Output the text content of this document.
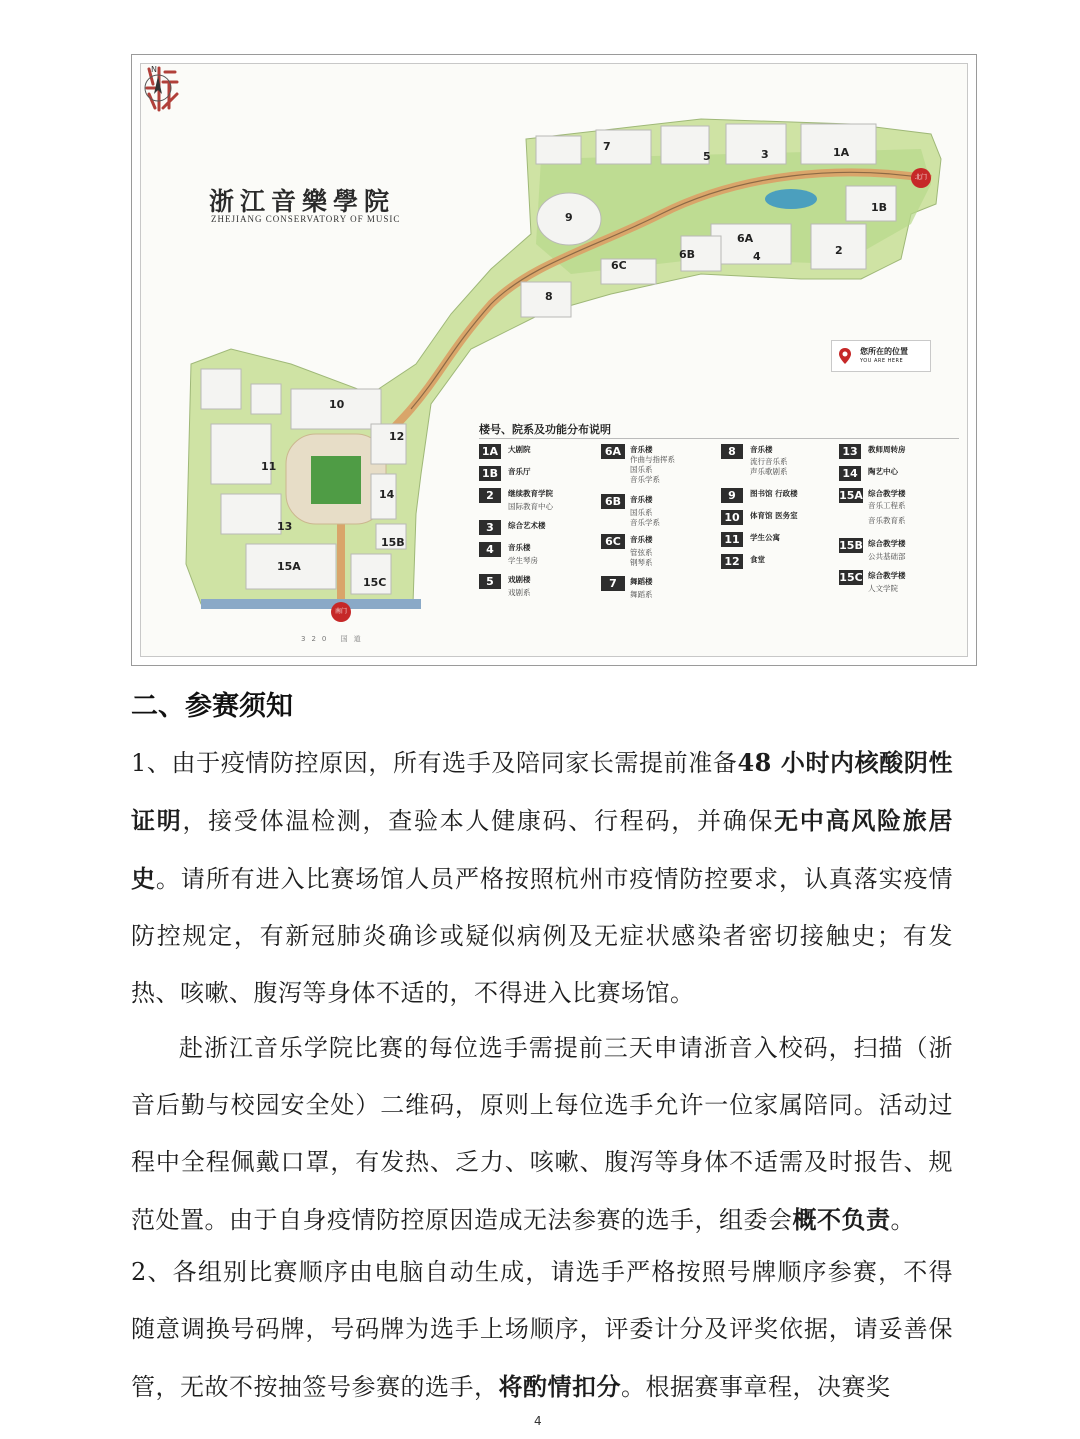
7
5	3	1A
1B
2
9
6A
6B
6C
4
8
10
12
11
14
13
15B
15A
15C
浙江音樂學院
ZHEJIANG CONSERVATORY OF MUSIC
北门
南门
320 国道
N
您所在的位置
YOU ARE HERE
楼号、院系及功能分布说明
1A	大剧院
1B	音乐厅
2	继续教育学院
国际教育中心
3	综合艺术楼
4	音乐楼
学生琴房
5	戏剧楼
戏剧系
6A	音乐楼
作曲与指挥系
国乐系
音乐学系
6B	音乐楼
国乐系
音乐学系
6C	音乐楼
管弦系
钢琴系
7	舞蹈楼
舞蹈系
8	音乐楼
流行音乐系
声乐歌剧系
9	图书馆 行政楼
10	体育馆 医务室
11	学生公寓
12	食堂
13	教师周转房
14	陶艺中心
15A 综合教学楼
音乐工程系
音乐教育系
15B 综合教学楼
公共基础部
15C 综合教学楼
人文学院
二、参赛须知
1、由于疫情防控原因，所有选手及陪同家长需提前准备48 小时内核酸阴性证明，接受体温检测，查验本人健康码、行程码，并确保无中高风险旅居史。请所有进入比赛场馆人员严格按照杭州市疫情防控要求，认真落实疫情防控规定，有新冠肺炎确诊或疑似病例及无症状感染者密切接触史；有发热、咳嗽、腹泻等身体不适的，不得进入比赛场馆。
赴浙江音乐学院比赛的每位选手需提前三天申请浙音入校码，扫描（浙音后勤与校园安全处）二维码，原则上每位选手允许一位家属陪同。活动过程中全程佩戴口罩，有发热、乏力、咳嗽、腹泻等身体不适需及时报告、规范处置。由于自身疫情防控原因造成无法参赛的选手，组委会概不负责。
2、各组别比赛顺序由电脑自动生成，请选手严格按照号牌顺序参赛，不得随意调换号码牌，号码牌为选手上场顺序，评委计分及评奖依据，请妥善保管，无故不按抽签号参赛的选手，将酌情扣分。根据赛事章程，决赛奖
4
